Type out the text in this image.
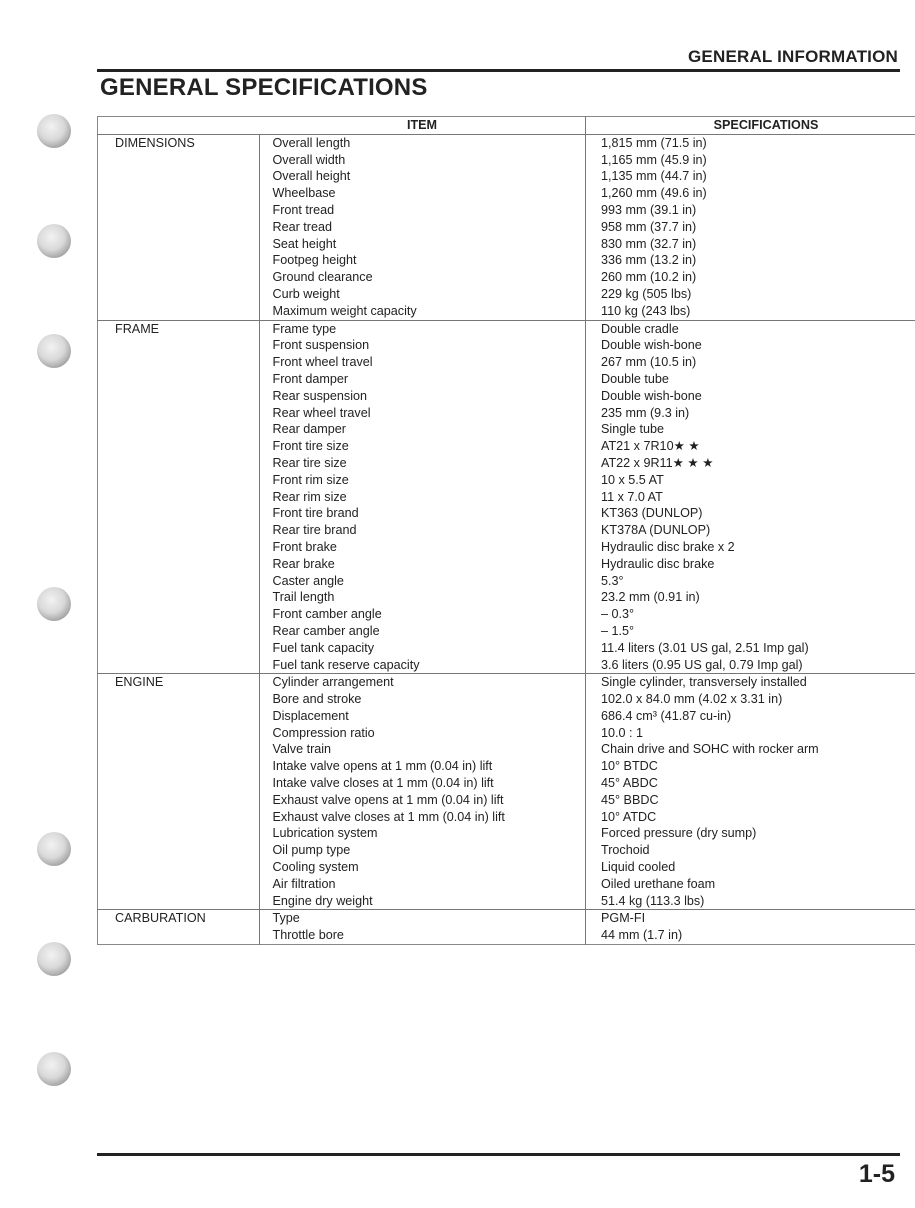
GENERAL INFORMATION
GENERAL SPECIFICATIONS
	ITEM	SPECIFICATIONS
DIMENSIONS	Overall length	1,815 mm (71.5 in)
	Overall width	1,165 mm (45.9 in)
	Overall height	1,135 mm (44.7 in)
	Wheelbase	1,260 mm (49.6 in)
	Front tread	993 mm (39.1 in)
	Rear tread	958 mm (37.7 in)
	Seat height	830 mm (32.7 in)
	Footpeg height	336 mm (13.2 in)
	Ground clearance	260 mm (10.2 in)
	Curb weight	229 kg (505 lbs)
	Maximum weight capacity	110 kg (243 lbs)
FRAME	Frame type	Double cradle
	Front suspension	Double wish-bone
	Front wheel travel	267 mm (10.5 in)
	Front damper	Double tube
	Rear suspension	Double wish-bone
	Rear wheel travel	235 mm (9.3 in)
	Rear damper	Single tube
	Front tire size	AT21 x 7R10★ ★
	Rear tire size	AT22 x 9R11★ ★ ★
	Front rim size	10 x 5.5 AT
	Rear rim size	11 x 7.0 AT
	Front tire brand	KT363 (DUNLOP)
	Rear tire brand	KT378A (DUNLOP)
	Front brake	Hydraulic disc brake x 2
	Rear brake	Hydraulic disc brake
	Caster angle	5.3°
	Trail length	23.2 mm (0.91 in)
	Front camber angle	– 0.3°
	Rear camber angle	– 1.5°
	Fuel tank capacity	11.4 liters (3.01 US gal, 2.51 Imp gal)
	Fuel tank reserve capacity	3.6 liters (0.95 US gal, 0.79 Imp gal)
ENGINE	Cylinder arrangement	Single cylinder, transversely installed
	Bore and stroke	102.0 x 84.0 mm (4.02 x 3.31 in)
	Displacement	686.4 cm³ (41.87 cu-in)
	Compression ratio	10.0 : 1
	Valve train	Chain drive and SOHC with rocker arm
	Intake valve opens at 1 mm (0.04 in) lift	10° BTDC
	Intake valve closes at 1 mm (0.04 in) lift	45° ABDC
	Exhaust valve opens at 1 mm (0.04 in) lift	45° BBDC
	Exhaust valve closes at 1 mm (0.04 in) lift	10° ATDC
	Lubrication system	Forced pressure (dry sump)
	Oil pump type	Trochoid
	Cooling system	Liquid cooled
	Air filtration	Oiled urethane foam
	Engine dry weight	51.4 kg (113.3 lbs)
CARBURATION	Type	PGM-FI
	Throttle bore	44 mm (1.7 in)
1-5
